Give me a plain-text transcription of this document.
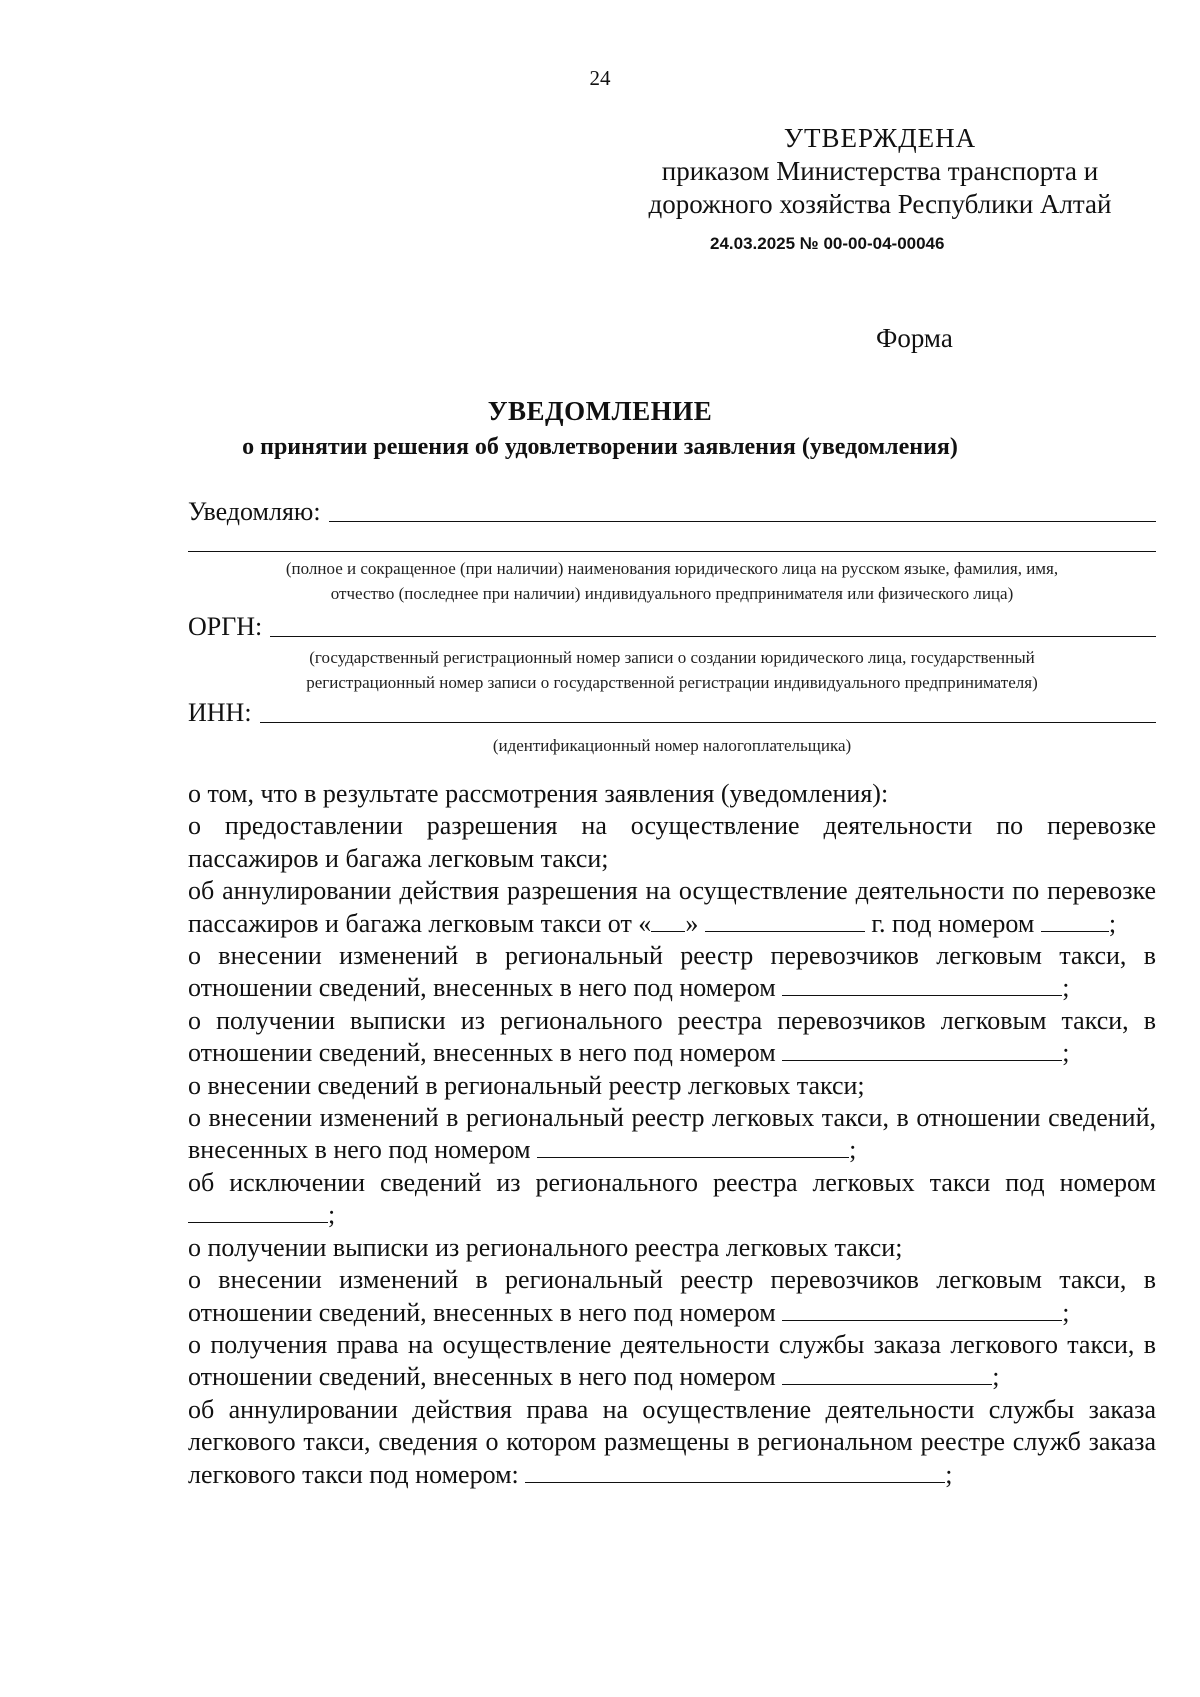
24
УТВЕРЖДЕНА
приказом Министерства транспорта и
дорожного хозяйства Республики Алтай
24.03.2025 № 00-00-04-00046
Форма
УВЕДОМЛЕНИЕ
о принятии решения об удовлетворении заявления (уведомления)
Уведомляю:
(полное и сокращенное (при наличии) наименования юридического лица на русском языке, фамилия, имя,
отчество (последнее при наличии) индивидуального предпринимателя или физического лица)
ОРГН:
(государственный регистрационный номер записи о создании юридического лица, государственный
регистрационный номер записи о государственной регистрации индивидуального предпринимателя)
ИНН:
(идентификационный номер налогоплательщика)

о том, что в результате рассмотрения заявления (уведомления):

о предоставлении разрешения на осуществление деятельности по перевозке пассажиров и багажа легковым такси;

об аннулировании действия разрешения на осуществление деятельности по перевозке пассажиров и багажа легковым такси от « »	г. под номером	;

о внесении изменений в региональный реестр перевозчиков легковым такси, в отношении сведений, внесенных в него под номером	;

о получении выписки из регионального реестра перевозчиков легковым такси, в отношении сведений, внесенных в него под номером	;

о внесении сведений в региональный реестр легковых такси;

о внесении изменений в региональный реестр легковых такси, в отношении сведений, внесенных в него под номером	;

об исключении сведений из регионального реестра легковых такси под номером ;

о получении выписки из регионального реестра легковых такси;

о внесении изменений в региональный реестр перевозчиков легковым такси, в отношении сведений, внесенных в него под номером	;

о получения права на осуществление деятельности службы заказа легкового такси, в отношении сведений, внесенных в него под номером	;

об аннулировании действия права на осуществление деятельности службы заказа легкового такси, сведения о котором размещены в региональном реестре служб заказа легкового такси под номером:	;
